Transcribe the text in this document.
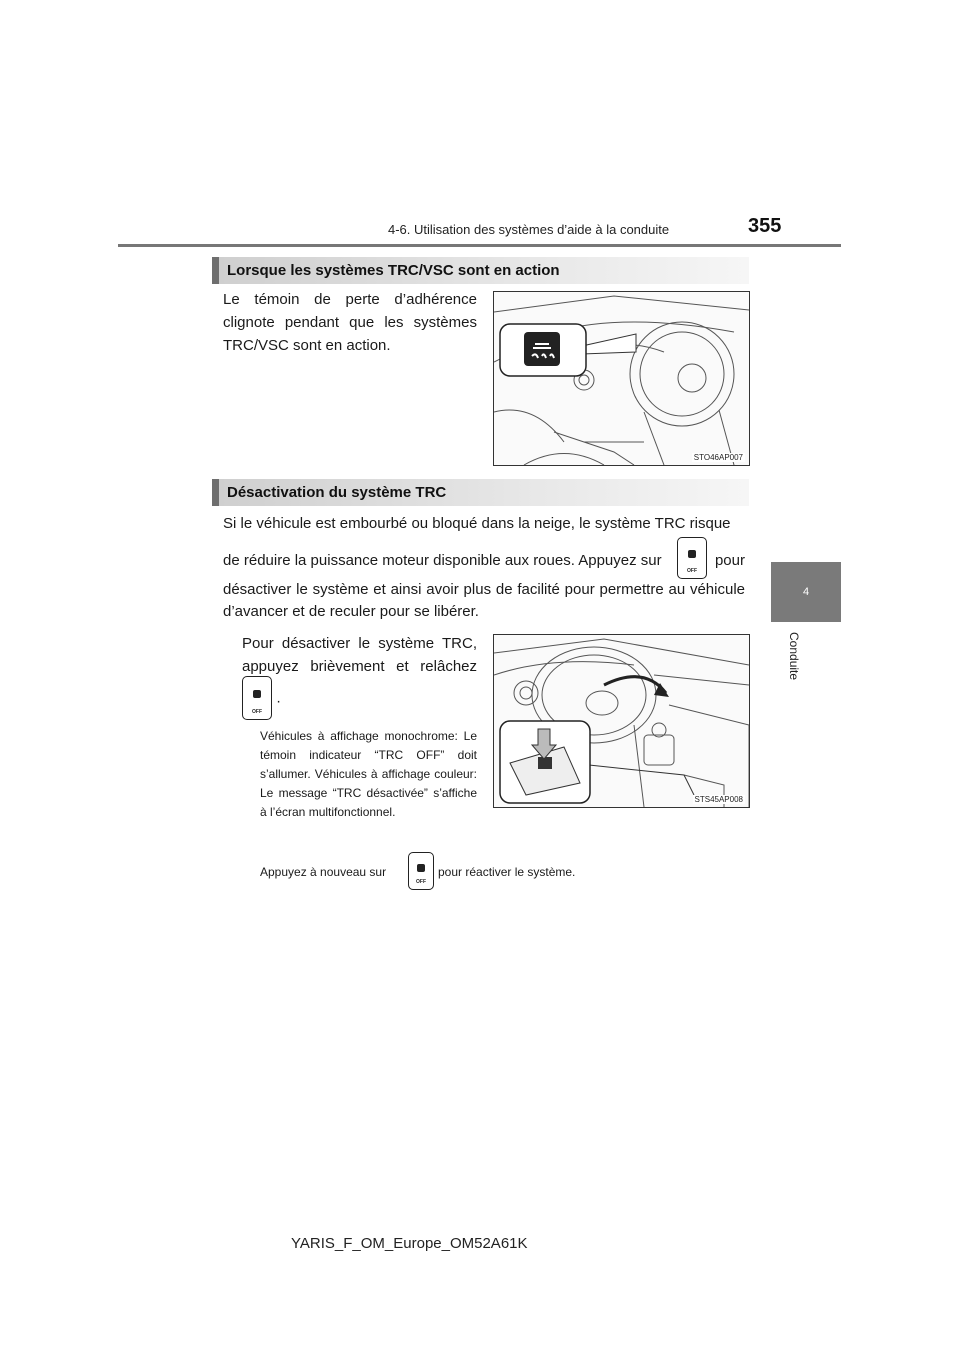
4-6. Utilisation des systèmes d’aide à la conduite	355
4
Conduite
Lorsque les systèmes TRC/VSC sont en action
Le témoin de perte d’adhérence clignote pendant que les systèmes TRC/VSC sont en action.
STO46AP007
Désactivation du système TRC
Si le véhicule est embourbé ou bloqué dans la neige, le système TRC risque
de réduire la puissance moteur disponible aux roues. Appuyez sur
OFF
pour
désactiver le système et ainsi avoir plus de facilité pour permettre au véhicule
d’avancer et de reculer pour se libérer.
Pour désactiver le système TRC, appuyez brièvement et relâchez
OFF
.
Véhicules à affichage monochrome: Le témoin indicateur “TRC OFF” doit s’allumer. Véhicules à affichage couleur: Le message “TRC désactivée” s’affiche à l’écran multifonctionnel.
STS45AP008
Appuyez à nouveau sur
OFF
pour réactiver le système.
YARIS_F_OM_Europe_OM52A61K
